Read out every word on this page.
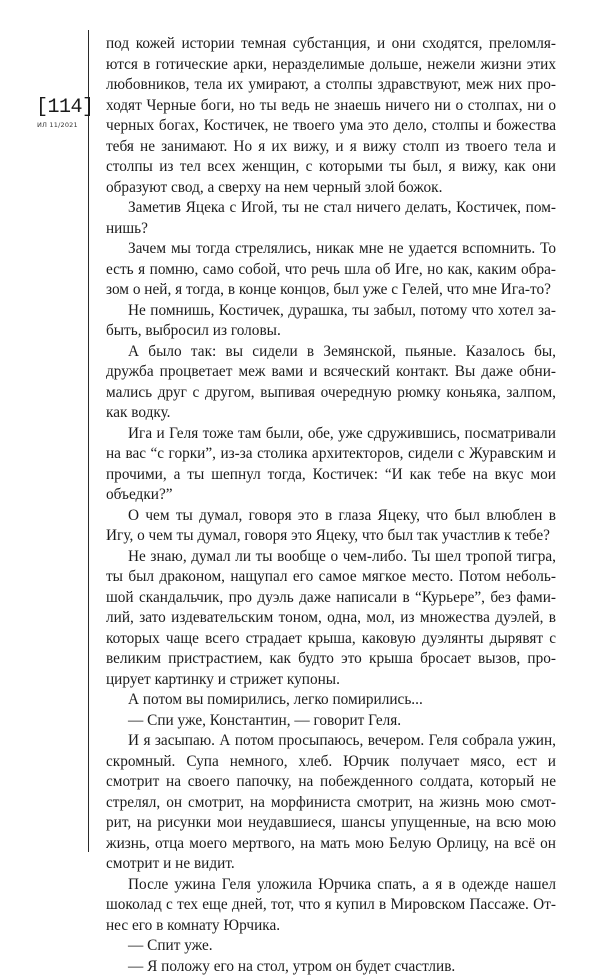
[114]
ИЛ 11/2021

под кожей истории темная субстанция, и они сходятся, преломляются в готические арки, неразделимые дольше, нежели жизни этих любовников, тела их умирают, а столпы здравствуют, меж них проходят Черные боги, но ты ведь не знаешь ничего ни о столпах, ни о черных богах, Костичек, не твоего ума это дело, столпы и божества тебя не занимают. Но я их вижу, и я вижу столп из твоего тела и столпы из тел всех женщин, с которыми ты был, я вижу, как они образуют свод, а сверху на нем черный злой божок.

Заметив Яцека с Игой, ты не стал ничего делать, Костичек, помнишь?

Зачем мы тогда стрелялись, никак мне не удается вспомнить. То есть я помню, само собой, что речь шла об Иге, но как, каким образом о ней, я тогда, в конце концов, был уже с Гелей, что мне Ига-то?

Не помнишь, Костичек, дурашка, ты забыл, потому что хотел забыть, выбросил из головы.

А было так: вы сидели в Земянской, пьяные. Казалось бы, дружба процветает меж вами и всяческий контакт. Вы даже обнимались друг с другом, выпивая очередную рюмку коньяка, залпом, как водку.

Ига и Геля тоже там были, обе, уже сдружившись, посматривали на вас “с горки”, из-за столика архитекторов, сидели с Журавским и прочими, а ты шепнул тогда, Костичек: “И как тебе на вкус мои объедки?”

О чем ты думал, говоря это в глаза Яцеку, что был влюблен в Игу, о чем ты думал, говоря это Яцеку, что был так участлив к тебе?

Не знаю, думал ли ты вообще о чем-либо. Ты шел тропой тигра, ты был драконом, нащупал его самое мягкое место. Потом небольшой скандальчик, про дуэль даже написали в “Курьере”, без фамилий, зато издевательским тоном, одна, мол, из множества дуэлей, в которых чаще всего страдает крыша, каковую дуэлянты дырявят с великим пристрастием, как будто это крыша бросает вызов, процирует картинку и стрижет купоны.

А потом вы помирились, легко помирились...

— Спи уже, Константин, — говорит Геля.

И я засыпаю. А потом просыпаюсь, вечером. Геля собрала ужин, скромный. Супа немного, хлеб. Юрчик получает мясо, ест и смотрит на своего папочку, на побежденного солдата, который не стрелял, он смотрит, на морфиниста смотрит, на жизнь мою смотрит, на рисунки мои неудавшиеся, шансы упущенные, на всю мою жизнь, отца моего мертвого, на мать мою Белую Орлицу, на всё он смотрит и не видит.

После ужина Геля уложила Юрчика спать, а я в одежде нашел шоколад с тех еще дней, тот, что я купил в Мировском Пассаже. Отнес его в комнату Юрчика.

— Спит уже.

— Я положу его на стол, утром он будет счастлив.
